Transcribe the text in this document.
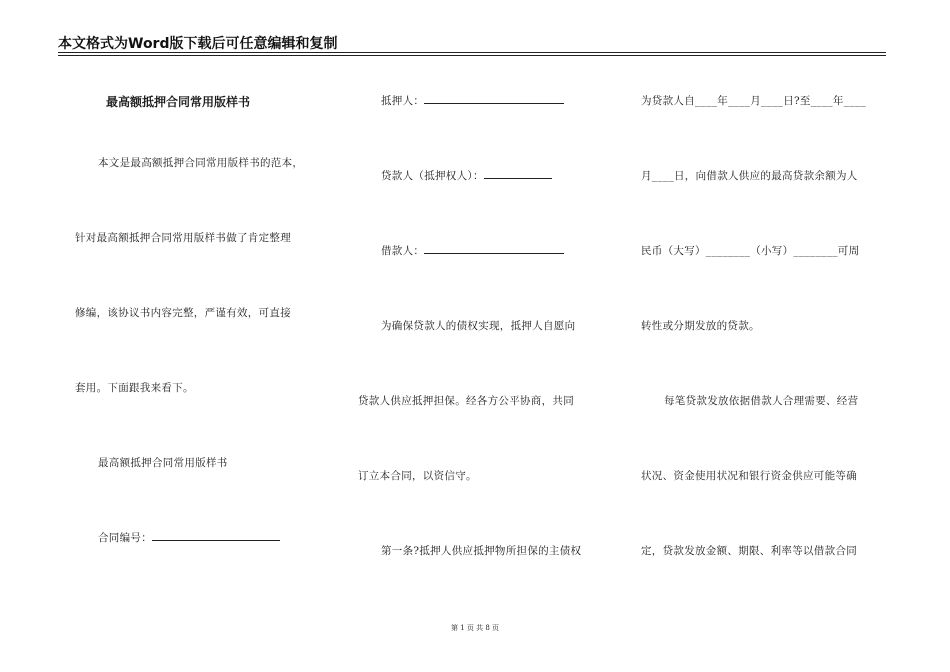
本文格式为Word版下载后可任意编辑和复制
最高额抵押合同常用版样书
本文是最高额抵押合同常用版样书的范本，
针对最高额抵押合同常用版样书做了肯定整理
修编，该协议书内容完整，严谨有效，可直接
套用。下面跟我来看下。
最高额抵押合同常用版样书
合同编号：
抵押人：
贷款人（抵押权人）：
借款人：
为确保贷款人的债权实现，抵押人自愿向
贷款人供应抵押担保。经各方公平协商，共同
订立本合同，以资信守。
第一条?抵押人供应抵押物所担保的主债权
为贷款人自____年____月____日?至____年____
月____日，向借款人供应的最高贷款余额为人
民币（大写）________（小写）________可周
转性或分期发放的贷款。
每笔贷款发放依据借款人合理需要、经营
状况、资金使用状况和银行资金供应可能等确
定，贷款发放金额、期限、利率等以借款合同
第 1 页 共 8 页
